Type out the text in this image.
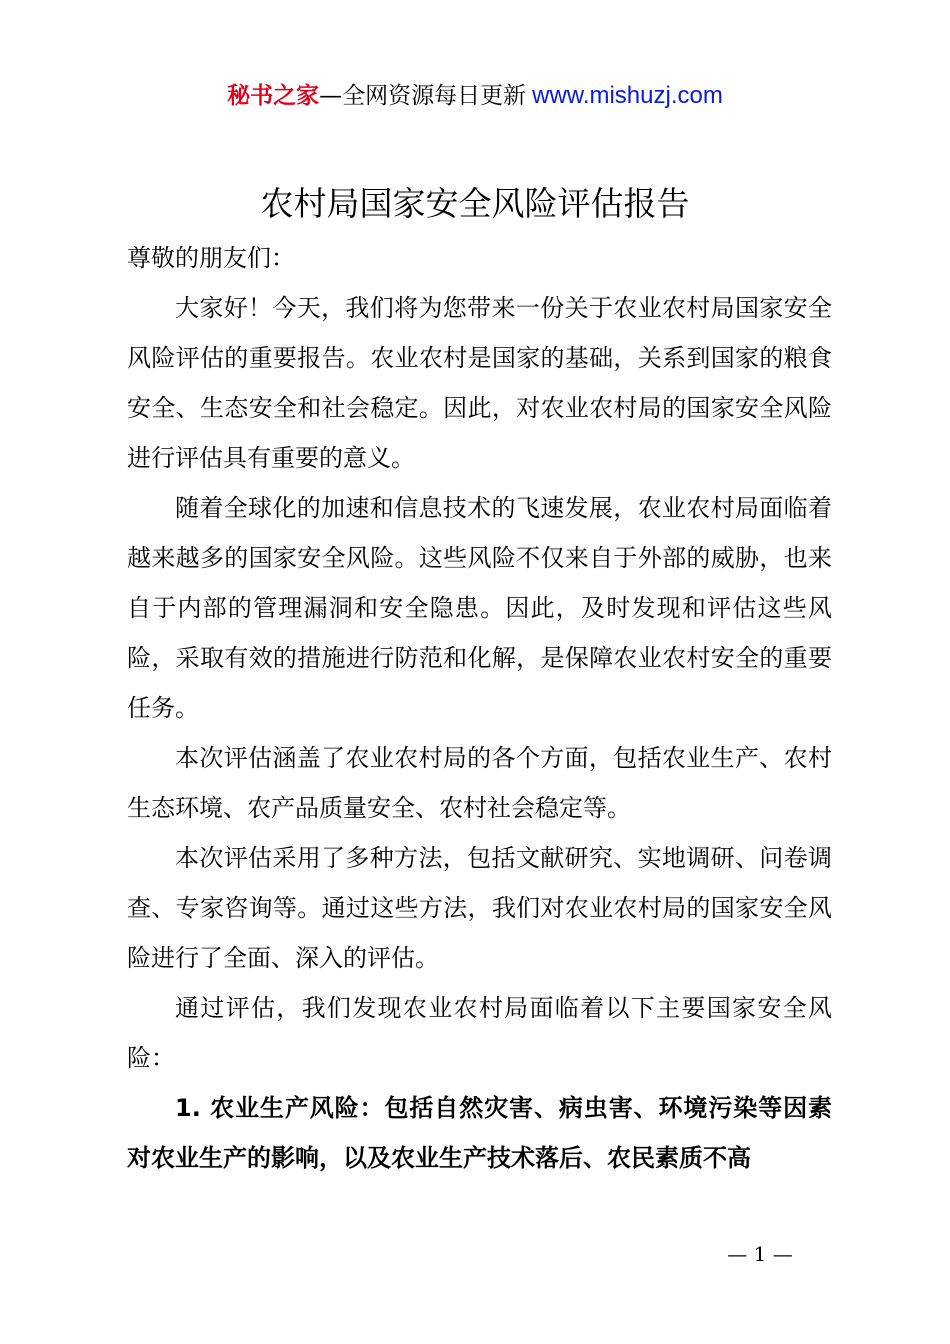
秘书之家—全网资源每日更新 www.mishuzj.com
农村局国家安全风险评估报告

尊敬的朋友们：

大家好！今天，我们将为您带来一份关于农业农村局国家安全风险评估的重要报告。农业农村是国家的基础，关系到国家的粮食安全、生态安全和社会稳定。因此，对农业农村局的国家安全风险进行评估具有重要的意义。

随着全球化的加速和信息技术的飞速发展，农业农村局面临着越来越多的国家安全风险。这些风险不仅来自于外部的威胁，也来自于内部的管理漏洞和安全隐患。因此，及时发现和评估这些风险，采取有效的措施进行防范和化解，是保障农业农村安全的重要任务。

本次评估涵盖了农业农村局的各个方面，包括农业生产、农村生态环境、农产品质量安全、农村社会稳定等。

本次评估采用了多种方法，包括文献研究、实地调研、问卷调查、专家咨询等。通过这些方法，我们对农业农村局的国家安全风险进行了全面、深入的评估。

通过评估，我们发现农业农村局面临着以下主要国家安全风险：

1. 农业生产风险：包括自然灾害、病虫害、环境污染等因素对农业生产的影响，以及农业生产技术落后、农民素质不高

— 1 —
